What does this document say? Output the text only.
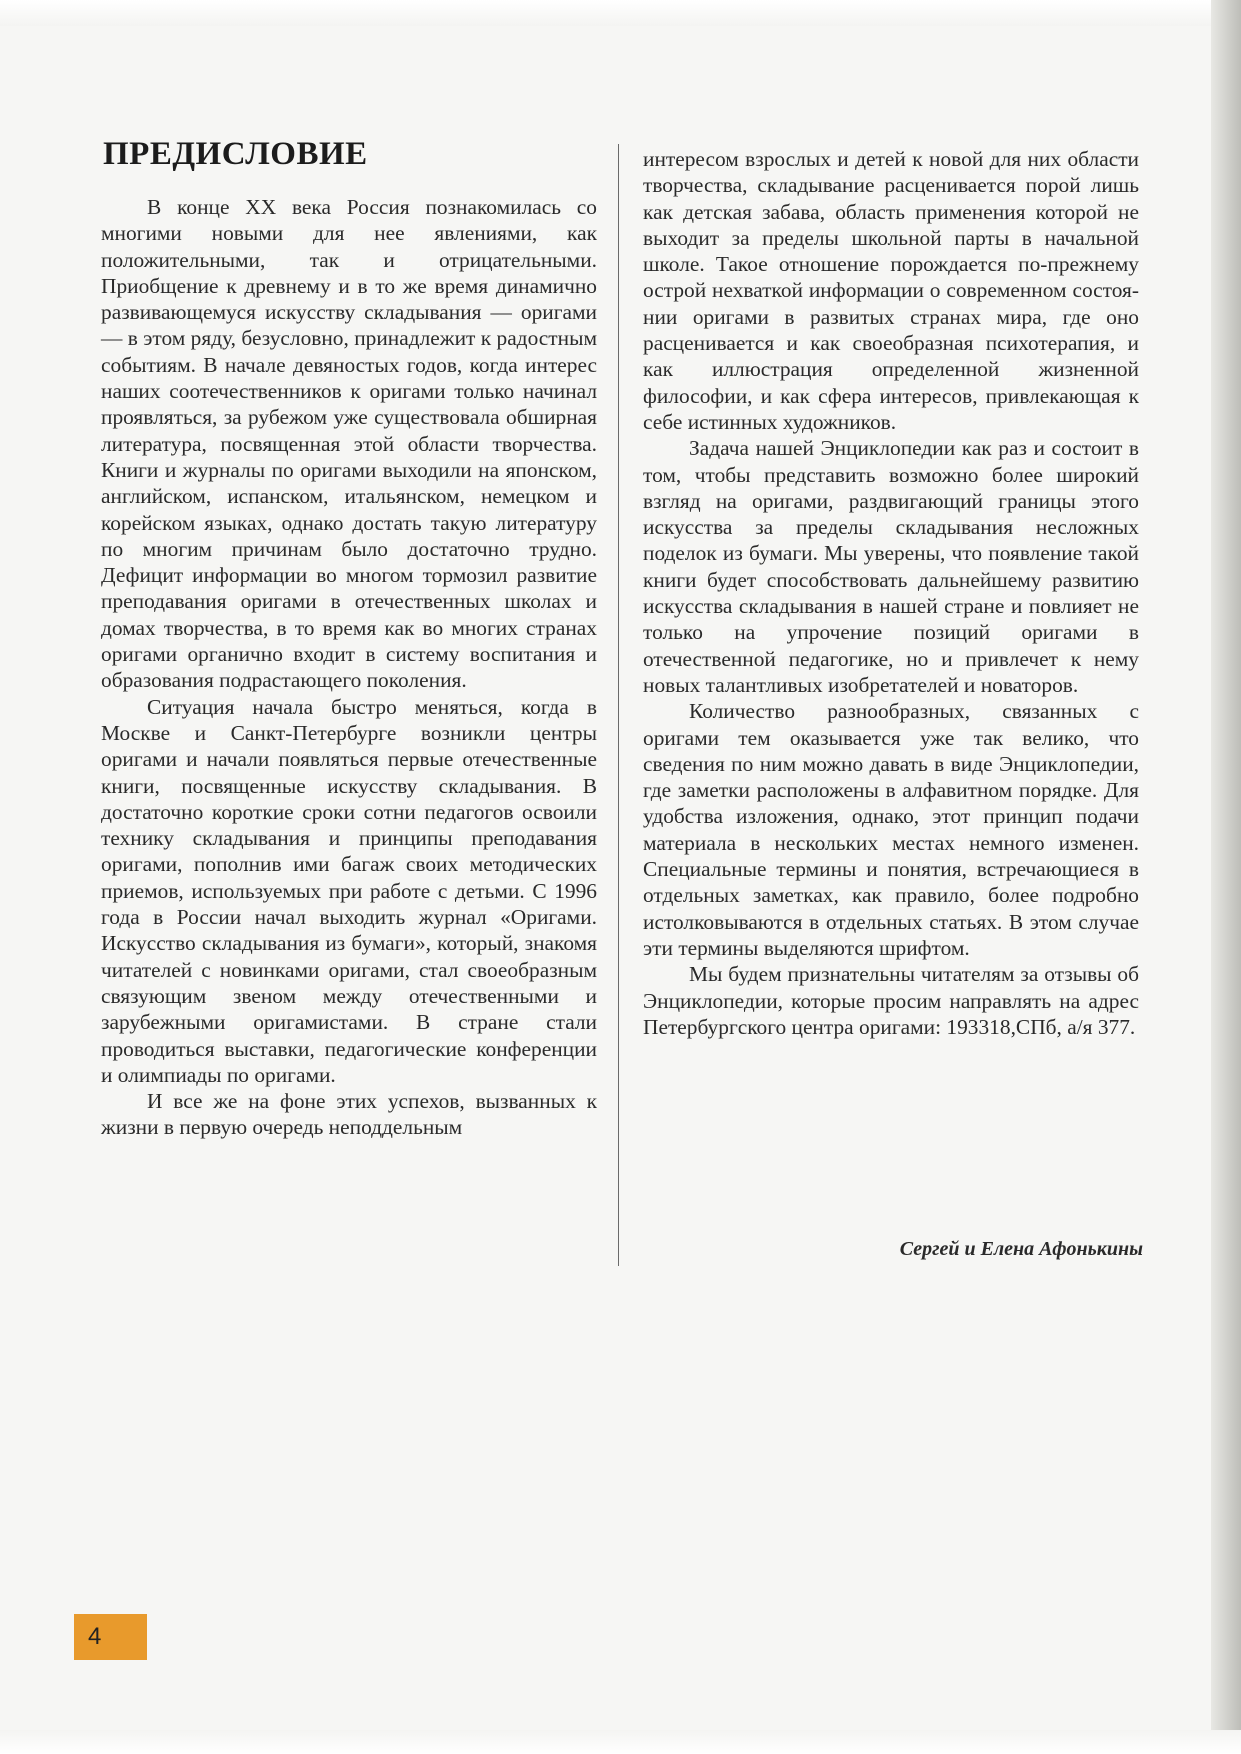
ПРЕДИСЛОВИЕ

В конце XX века Россия познакомилась со многими новыми для нее явлениями, как положительными, так и отрицательными. Приобщение к древнему и в то же время динамично развивающемуся искусству складывания — оригами — в этом ряду, безусловно, принадлежит к радостным событиям. В начале девяностых годов, когда интерес наших соотечественников к оригами только начинал проявляться, за рубежом уже существовала обширная литература, посвященная этой области творчества. Книги и журналы по оригами выходили на японском, английском, испанском, итальянском, немецком и корейском языках, однако достать такую литературу по многим причинам было достаточно трудно. Дефицит информации во многом тормозил развитие преподавания оригами в отечественных школах и домах творчества, в то время как во многих странах оригами органично входит в систему воспитания и образования подрастающего поколения.

Ситуация начала быстро меняться, когда в Москве и Санкт-Петербурге возникли центры оригами и начали появляться первые отечественные книги, посвященные искусству складывания. В достаточно короткие сроки сотни педагогов освоили технику складывания и принципы преподавания оригами, пополнив ими багаж своих методических приемов, используемых при работе с детьми. С 1996 года в России начал выходить журнал «Оригами. Искусство складывания из бумаги», который, знакомя читателей с новинками оригами, стал своеобразным связующим звеном между отечественными и зарубежными оригамистами. В стране стали проводиться выставки, педагогические конференции и олимпиады по оригами.

И все же на фоне этих успехов, вызванных к жизни в первую очередь неподдельным

интересом взрослых и детей к новой для них области творчества, складывание расценивается порой лишь как детская забава, область применения которой не выходит за пределы школьной парты в начальной школе. Такое отношение порождается по-прежнему острой нехваткой информации о современном состоянии оригами в развитых странах мира, где оно расценивается и как своеобразная психотерапия, и как иллюстрация определенной жизненной философии, и как сфера интересов, привлекающая к себе истинных художников.

Задача нашей Энциклопедии как раз и состоит в том, чтобы представить возможно более широкий взгляд на оригами, раздвигающий границы этого искусства за пределы складывания несложных поделок из бумаги. Мы уверены, что появление такой книги будет способствовать дальнейшему развитию искусства складывания в нашей стране и повлияет не только на упрочение позиций оригами в отечественной педагогике, но и привлечет к нему новых талантливых изобретателей и новаторов.

Количество разнообразных, связанных с оригами тем оказывается уже так велико, что сведения по ним можно давать в виде Энциклопедии, где заметки расположены в алфавитном порядке. Для удобства изложения, однако, этот принцип подачи материала в нескольких местах немного изменен. Специальные термины и понятия, встречающиеся в отдельных заметках, как правило, более подробно истолковываются в отдельных статьях. В этом случае эти термины выделяются шрифтом.

Мы будем признательны читателям за отзывы об Энциклопедии, которые просим направлять на адрес Петербургского центра оригами: 193318,СПб, а/я 377.

Сергей и Елена Афонькины
4
